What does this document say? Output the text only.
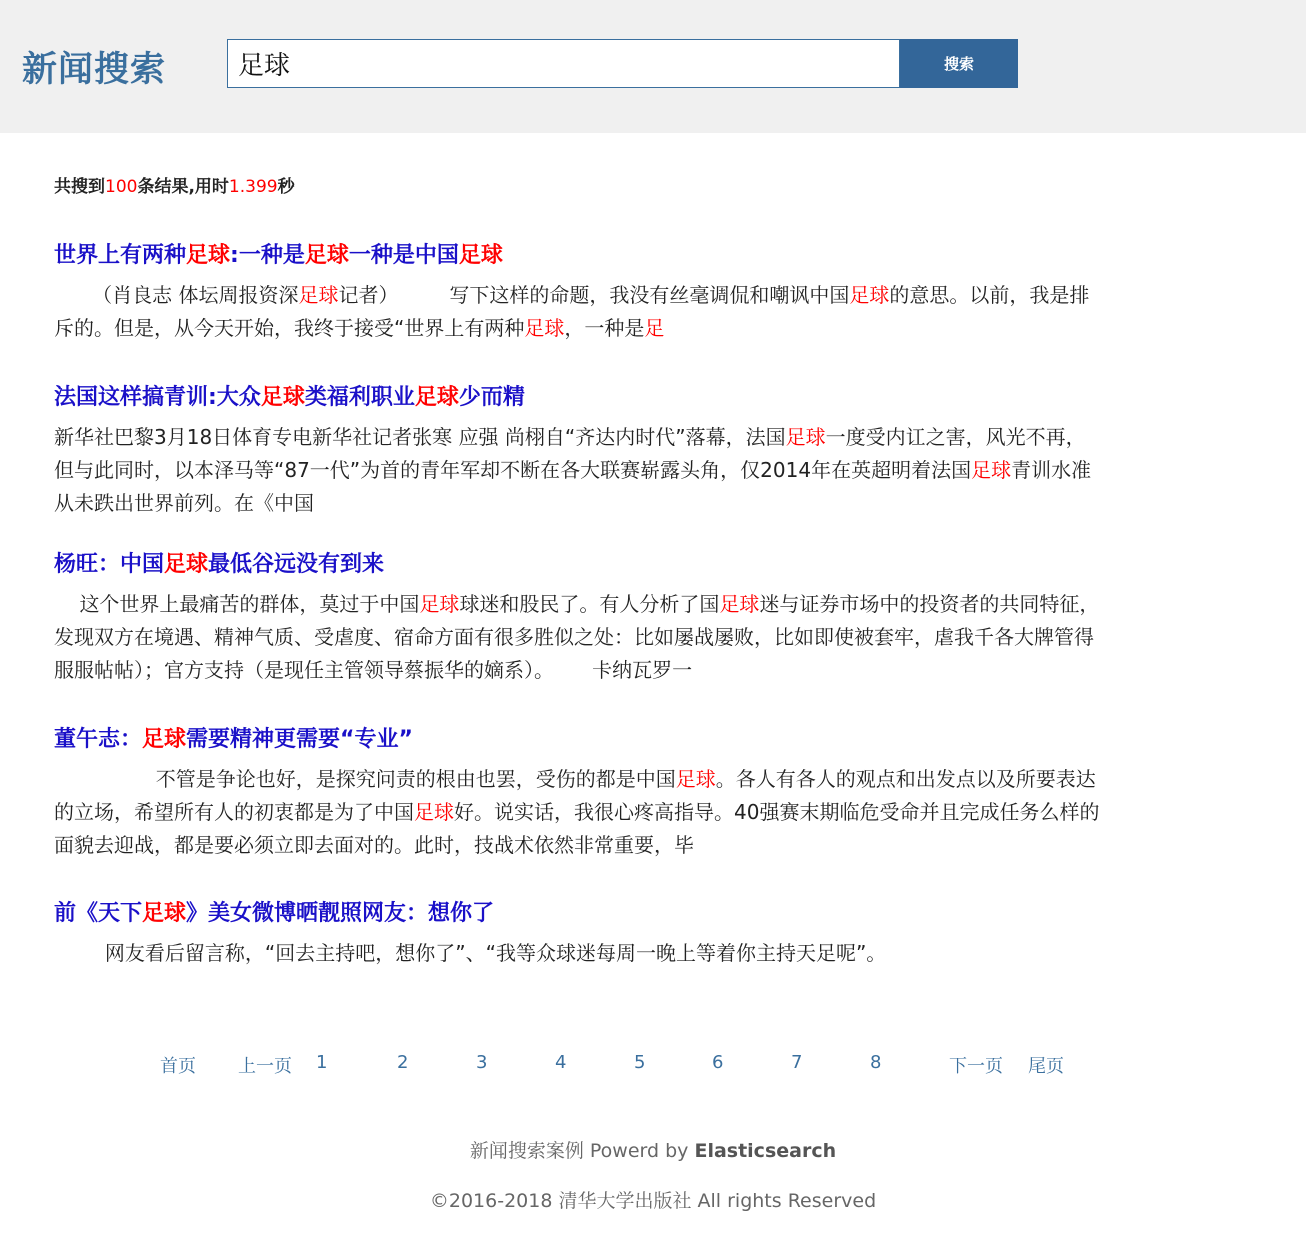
新闻搜索
足球	搜索
共搜到100条结果,用时1.399秒
世界上有两种足球:一种是足球一种是中国足球
（肖良志 体坛周报资深足球记者）        写下这样的命题，我没有丝毫调侃和嘲讽中国足球的意思。以前，我是排斥的。但是，从今天开始，我终于接受“世界上有两种足球，一种是足
法国这样搞青训:大众足球类福利职业足球少而精
新华社巴黎3月18日体育专电新华社记者张寒 应强 尚栩自“齐达内时代”落幕，法国足球一度受内讧之害，风光不再，但与此同时，以本泽马等“87一代”为首的青年军却不断在各大联赛崭露头角，仅2014年在英超明着法国足球青训水准从未跌出世界前列。在《中国
杨旺：中国足球最低谷远没有到来
这个世界上最痛苦的群体，莫过于中国足球球迷和股民了。有人分析了国足球迷与证券市场中的投资者的共同特征，发现双方在境遇、精神气质、受虐度、宿命方面有很多胜似之处：比如屡战屡败，比如即使被套牢，虐我千各大牌管得服服帖帖）；官方支持（是现任主管领导蔡振华的嫡系）。      卡纳瓦罗一
董午志：足球需要精神更需要“专业”
不管是争论也好，是探究问责的根由也罢，受伤的都是中国足球。各人有各人的观点和出发点以及所要表达的立场，希望所有人的初衷都是为了中国足球好。说实话，我很心疼高指导。40强赛末期临危受命并且完成任务么样的面貌去迎战，都是要必须立即去面对的。此时，技战术依然非常重要，毕
前《天下足球》美女微博晒靓照网友：想你了
网友看后留言称，“回去主持吧，想你了”、“我等众球迷每周一晚上等着你主持天足呢”。
首页 上一页 1	2	3	4	5	6	7	8	下一页 尾页
新闻搜索案例 Powerd by Elasticsearch
©2016-2018 清华大学出版社 All rights Reserved
